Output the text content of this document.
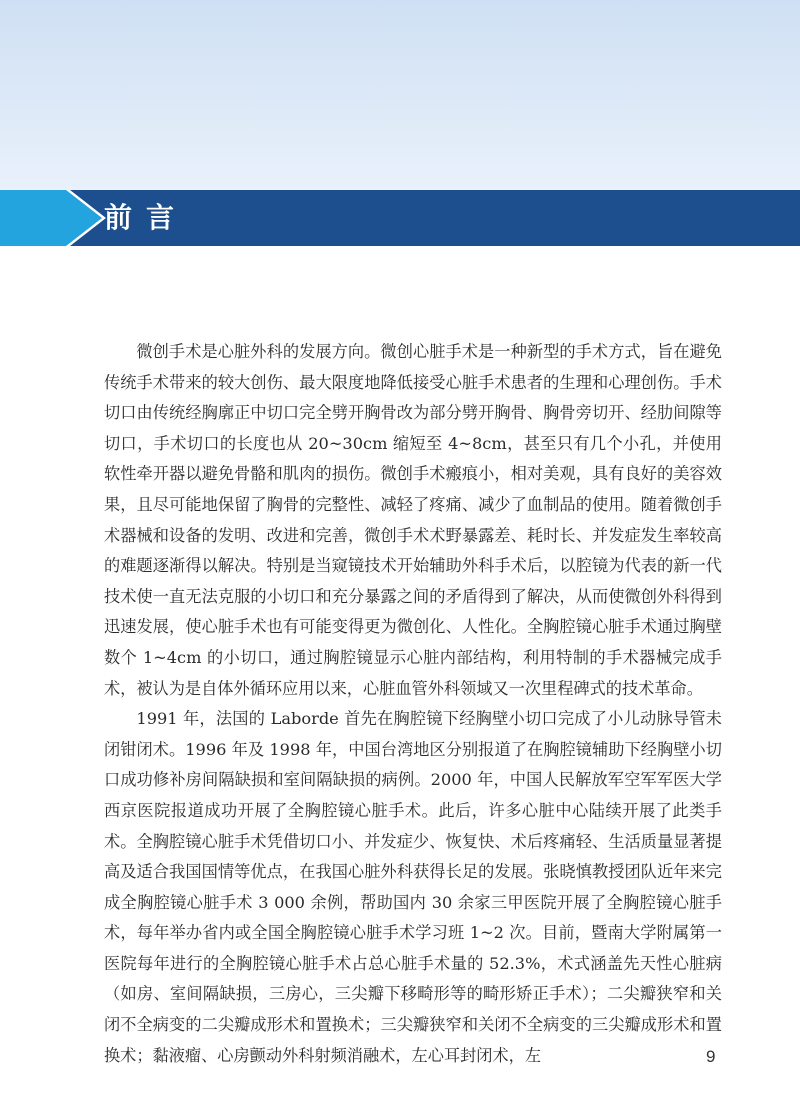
前言

微创手术是心脏外科的发展方向。微创心脏手术是一种新型的手术方式，旨在避免传统手术带来的较大创伤、最大限度地降低接受心脏手术患者的生理和心理创伤。手术切口由传统经胸廓正中切口完全劈开胸骨改为部分劈开胸骨、胸骨旁切开、经肋间隙等切口，手术切口的长度也从 20~30cm 缩短至 4~8cm，甚至只有几个小孔，并使用软性牵开器以避免骨骼和肌肉的损伤。微创手术瘢痕小，相对美观，具有良好的美容效果，且尽可能地保留了胸骨的完整性、减轻了疼痛、减少了血制品的使用。随着微创手术器械和设备的发明、改进和完善，微创手术术野暴露差、耗时长、并发症发生率较高的难题逐渐得以解决。特别是当窥镜技术开始辅助外科手术后，以腔镜为代表的新一代技术使一直无法克服的小切口和充分暴露之间的矛盾得到了解决，从而使微创外科得到迅速发展，使心脏手术也有可能变得更为微创化、人性化。全胸腔镜心脏手术通过胸壁数个 1~4cm 的小切口，通过胸腔镜显示心脏内部结构，利用特制的手术器械完成手术，被认为是自体外循环应用以来，心脏血管外科领域又一次里程碑式的技术革命。

1991 年，法国的 Laborde 首先在胸腔镜下经胸壁小切口完成了小儿动脉导管未闭钳闭术。1996 年及 1998 年，中国台湾地区分别报道了在胸腔镜辅助下经胸壁小切口成功修补房间隔缺损和室间隔缺损的病例。2000 年，中国人民解放军空军军医大学西京医院报道成功开展了全胸腔镜心脏手术。此后，许多心脏中心陆续开展了此类手术。全胸腔镜心脏手术凭借切口小、并发症少、恢复快、术后疼痛轻、生活质量显著提高及适合我国国情等优点，在我国心脏外科获得长足的发展。张晓慎教授团队近年来完成全胸腔镜心脏手术 3 000 余例，帮助国内 30 余家三甲医院开展了全胸腔镜心脏手术，每年举办省内或全国全胸腔镜心脏手术学习班 1~2 次。目前，暨南大学附属第一医院每年进行的全胸腔镜心脏手术占总心脏手术量的 52.3%，术式涵盖先天性心脏病（如房、室间隔缺损，三房心，三尖瓣下移畸形等的畸形矫正手术）；二尖瓣狭窄和关闭不全病变的二尖瓣成形术和置换术；三尖瓣狭窄和关闭不全病变的三尖瓣成形术和置换术；黏液瘤、心房颤动外科射频消融术，左心耳封闭术，左	9
